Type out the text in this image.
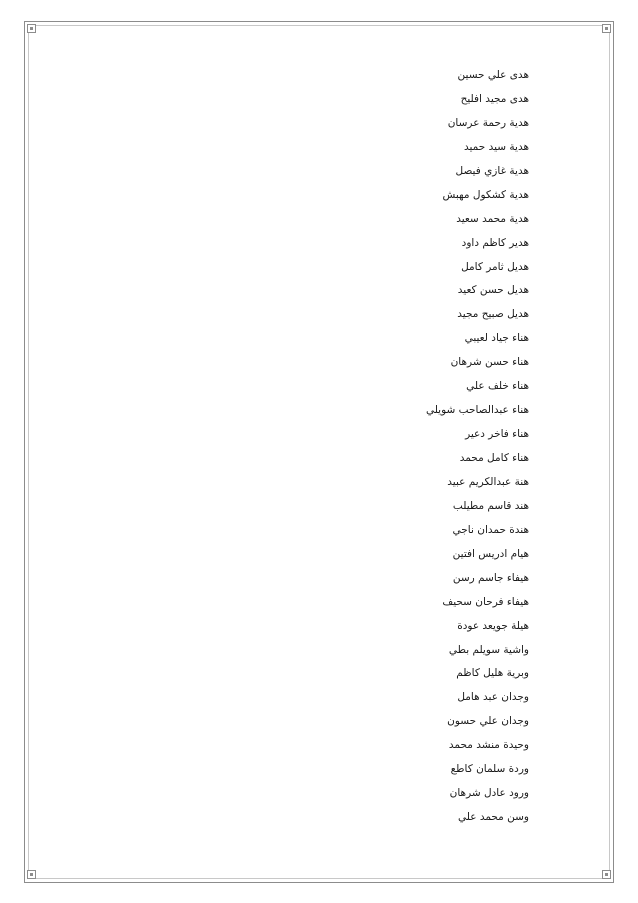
هدى علي حسين
هدى مجيد افليح
هدية رحمة عرسان
هدية سيد حميد
هدية غازي فيصل
هدية كشكول مهبش
هدية محمد سعيد
هدير كاظم داود
هديل ثامر كامل
هديل حسن كعيد
هديل صبيح مجيد
هناء جياد لعيبي
هناء حسن شرهان
هناء خلف علي
هناء عبدالصاحب شويلي
هناء فاخر دعير
هناء كامل محمد
هنة عبدالكريم عبيد
هند قاسم مطيلب
هندة حمدان ناجي
هيام ادريس افتين
هيفاء جاسم رسن
هيفاء فرحان سحيف
هيلة جويعد عودة
واشية سويلم بطي
وبرية هليل كاظم
وجدان عبد هامل
وجدان علي حسون
وحيدة منشد محمد
وردة سلمان كاطع
ورود عادل شرهان
وسن محمد علي
